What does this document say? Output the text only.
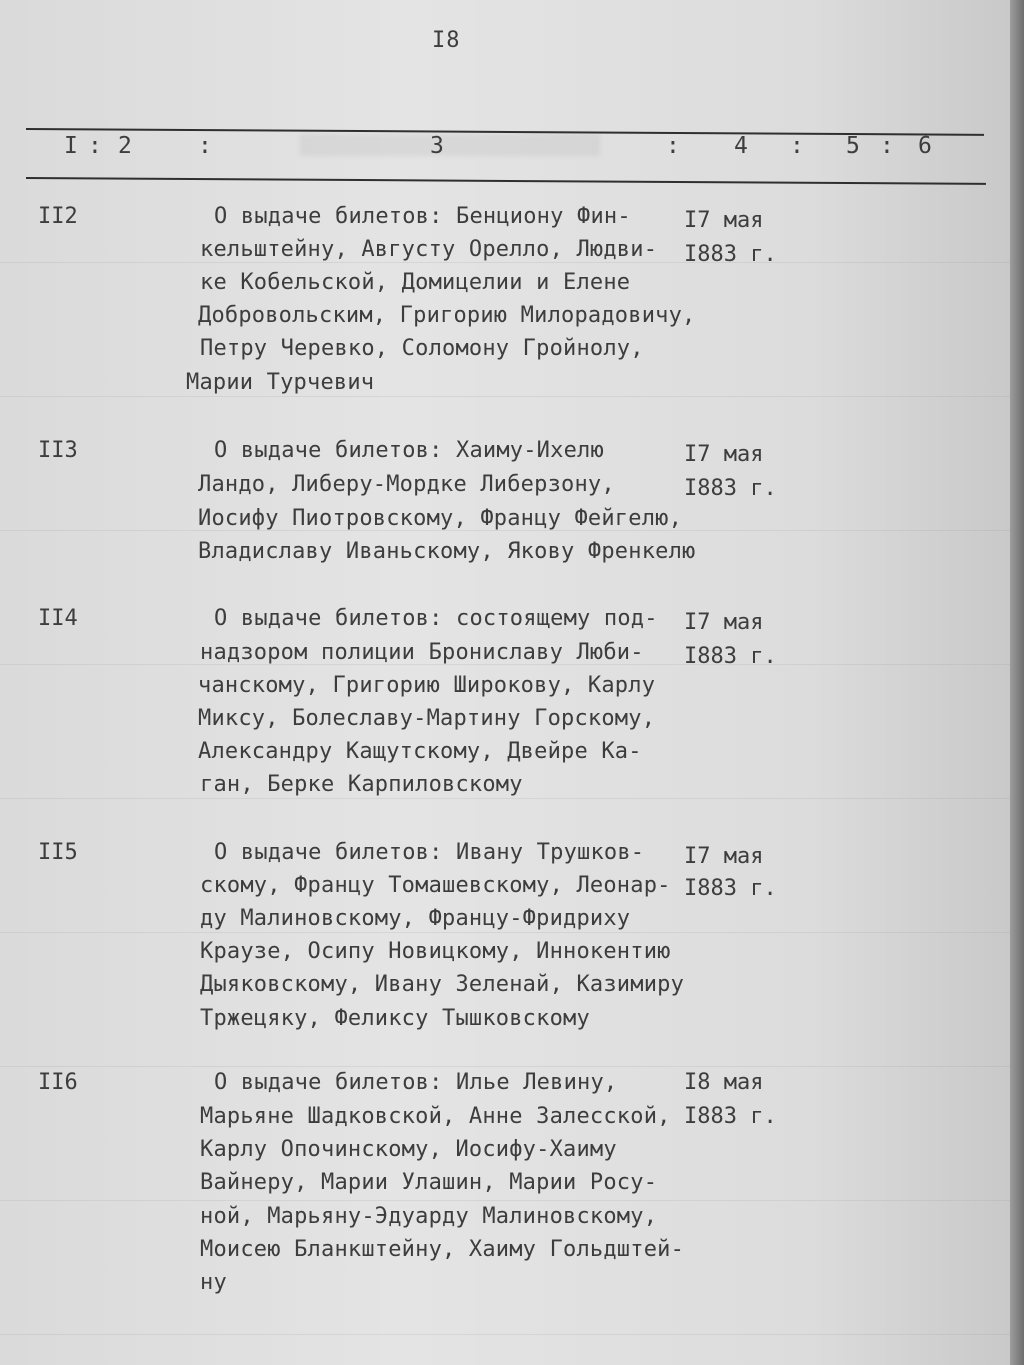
I8
I : 2	:	3	: 4 : 5 : 6
II2	О выдаче билетов: Бенциону Фин-
кельштейну, Августу Орелло, Людви-
ке Кобельской, Домицелии и Елене
Добровольским, Григорию Милорадовичу,
Петру Черевко, Соломону Гройнолу,
Марии Турчевич
I7 мая
I883 г.
II3	О выдаче билетов: Хаиму-Ихелю
Ландо, Либеру-Мордке Либерзону,
Иосифу Пиотровскому, Францу Фейгелю,
Владиславу Иваньскому, Якову Френкелю
I7 мая
I883 г.
II4	О выдаче билетов: состоящему под-
надзором полиции Брониславу Люби-
чанскому, Григорию Широкову, Карлу
Миксу, Болеславу-Мартину Горскому,
Александру Кащутскому, Двейре Ка-
ган, Берке Карпиловскому
I7 мая
I883 г.
II5	О выдаче билетов: Ивану Трушков-
скому, Францу Томашевскому, Леонар-
ду Малиновскому, Францу-Фридриху
Краузе, Осипу Новицкому, Иннокентию
Дыяковскому, Ивану Зеленай, Казимиру
Тржецяку, Феликсу Тышковскому
I7 мая
I883 г.
II6	О выдаче билетов: Илье Левину,
Марьяне Шадковской, Анне Залесской,
Карлу Опочинскому, Иосифу-Хаиму
Вайнеру, Марии Улашин, Марии Росу-
ной, Марьяну-Эдуарду Малиновскому,
Моисею Бланкштейну, Хаиму Гольдштей-
ну
I8 мая
I883 г.
